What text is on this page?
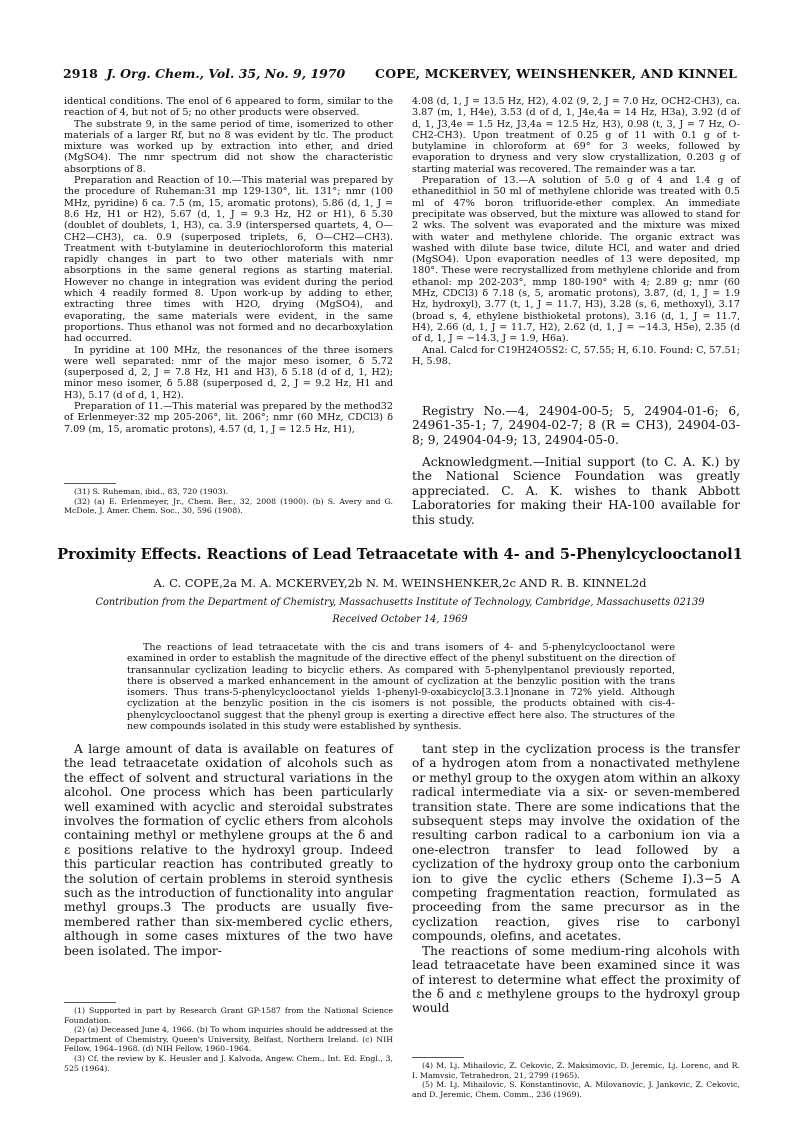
2918 J. Org. Chem., Vol. 35, No. 9, 1970 COPE, MCKERVEY, WEINSHENKER, AND KINNEL

identical conditions. The enol of 6 appeared to form, similar to the reaction of 4, but not of 5; no other products were observed.

The substrate 9, in the same period of time, isomerized to other materials of a larger Rf, but no 8 was evident by tlc. The product mixture was worked up by extraction into ether, and dried (MgSO4). The nmr spectrum did not show the characteristic absorptions of 8.

Preparation and Reaction of 10.—This material was prepared by the procedure of Ruheman:31 mp 129-130°, lit. 131°; nmr (100 MHz, pyridine) δ ca. 7.5 (m, 15, aromatic protons), 5.86 (d, 1, J = 8.6 Hz, H1 or H2), 5.67 (d, 1, J = 9.3 Hz, H2 or H1), δ 5.30 (doublet of doublets, 1, H3), ca. 3.9 (interspersed quartets, 4, O—CH2—CH3), ca. 0.9 (superposed triplets, 6, O—CH2—CH3). Treatment with t-butylamine in deuteriochloroform this material rapidly changes in part to two other materials with nmr absorptions in the same general regions as starting material. However no change in integration was evident during the period which 4 readily formed 8. Upon work-up by adding to ether, extracting three times with H2O, drying (MgSO4), and evaporating, the same materials were evident, in the same proportions. Thus ethanol was not formed and no decarboxylation had occurred.

In pyridine at 100 MHz, the resonances of the three isomers were well separated: nmr of the major meso isomer, δ 5.72 (superposed d, 2, J = 7.8 Hz, H1 and H3), δ 5.18 (d of d, 1, H2); minor meso isomer, δ 5.88 (superposed d, 2, J = 9.2 Hz, H1 and H3), 5.17 (d of d, 1, H2).

Preparation of 11.—This material was prepared by the method32 of Erlenmeyer:32 mp 205-206°, lit. 206°; nmr (60 MHz, CDCl3) δ 7.09 (m, 15, aromatic protons), 4.57 (d, 1, J = 12.5 Hz, H1),

(31) S. Ruheman, ibid., 83, 720 (1903).

(32) (a) E. Erlenmeyer, Jr., Chem. Ber., 32, 2008 (1900). (b) S. Avery and G. McDole, J. Amer. Chem. Soc., 30, 596 (1908).

4.08 (d, 1, J = 13.5 Hz, H2), 4.02 (9, 2, J = 7.0 Hz, OCH2-CH3), ca. 3.87 (m, 1, H4e), 3.53 (d of d, 1, J4e,4a = 14 Hz, H3a), 3.92 (d of d, 1, J3,4e = 1.5 Hz, J3,4a = 12.5 Hz, H3), 0.98 (t, 3, J = 7 Hz, O-CH2-CH3). Upon treatment of 0.25 g of 11 with 0.1 g of t-butylamine in chloroform at 69° for 3 weeks, followed by evaporation to dryness and very slow crystallization, 0.203 g of starting material was recovered. The remainder was a tar.

Preparation of 13.—A solution of 5.0 g of 4 and 1.4 g of ethanedithiol in 50 ml of methylene chloride was treated with 0.5 ml of 47% boron trifluoride-ether complex. An immediate precipitate was observed, but the mixture was allowed to stand for 2 wks. The solvent was evaporated and the mixture was mixed with water and methylene chloride. The organic extract was washed with dilute base twice, dilute HCl, and water and dried (MgSO4). Upon evaporation needles of 13 were deposited, mp 180°. These were recrystallized from methylene chloride and from ethanol: mp 202-203°, mmp 180-190° with 4; 2.89 g; nmr (60 MHz, CDCl3) δ 7.18 (s, 5, aromatic protons), 3.87, (d, 1, J = 1.9 Hz, hydroxyl), 3.77 (t, 1, J = 11.7, H3), 3.28 (s, 6, methoxyl), 3.17 (broad s, 4, ethylene bisthioketal protons), 3.16 (d, 1, J = 11.7, H4), 2.66 (d, 1, J = 11.7, H2), 2.62 (d, 1, J = −14.3, H5e), 2.35 (d of d, 1, J = −14.3, J = 1.9, H6a).

Anal. Calcd for C19H24O5S2: C, 57.55; H, 6.10. Found: C, 57.51; H, 5.98.

Registry No.—4, 24904-00-5; 5, 24904-01-6; 6, 24961-35-1; 7, 24904-02-7; 8 (R = CH3), 24904-03-8; 9, 24904-04-9; 13, 24904-05-0.

Acknowledgment.—Initial support (to C. A. K.) by the National Science Foundation was greatly appreciated. C. A. K. wishes to thank Abbott Laboratories for making their HA-100 available for this study.

Proximity Effects. Reactions of Lead Tetraacetate with 4- and 5-Phenylcyclooctanol1
A. C. COPE,2a M. A. MCKERVEY,2b N. M. WEINSHENKER,2c AND R. B. KINNEL2d
Contribution from the Department of Chemistry, Massachusetts Institute of Technology, Cambridge, Massachusetts 02139
Received October 14, 1969

The reactions of lead tetraacetate with the cis and trans isomers of 4- and 5-phenylcyclooctanol were examined in order to establish the magnitude of the directive effect of the phenyl substituent on the direction of transannular cyclization leading to bicyclic ethers. As compared with 5-phenylpentanol previously reported, there is observed a marked enhancement in the amount of cyclization at the benzylic position with the trans isomers. Thus trans-5-phenylcyclooctanol yields 1-phenyl-9-oxabicyclo[3.3.1]nonane in 72% yield. Although cyclization at the benzylic position in the cis isomers is not possible, the products obtained with cis-4-phenylcyclooctanol suggest that the phenyl group is exerting a directive effect here also. The structures of the new compounds isolated in this study were established by synthesis.

A large amount of data is available on features of the lead tetraacetate oxidation of alcohols such as the effect of solvent and structural variations in the alcohol. One process which has been particularly well examined with acyclic and steroidal substrates involves the formation of cyclic ethers from alcohols containing methyl or methylene groups at the δ and ε positions relative to the hydroxyl group. Indeed this particular reaction has contributed greatly to the solution of certain problems in steroid synthesis such as the introduction of functionality into angular methyl groups.3 The products are usually five-membered rather than six-membered cyclic ethers, although in some cases mixtures of the two have been isolated. The impor-

(1) Supported in part by Research Grant GP-1587 from the National Science Foundation.

(2) (a) Deceased June 4, 1966. (b) To whom inquiries should be addressed at the Department of Chemistry, Queen's University, Belfast, Northern Ireland. (c) NIH Fellow, 1964–1968. (d) NIH Fellow, 1960–1964.

(3) Cf. the review by K. Heusler and J. Kalvoda, Angew. Chem., Int. Ed. Engl., 3, 525 (1964).

tant step in the cyclization process is the transfer of a hydrogen atom from a nonactivated methylene or methyl group to the oxygen atom within an alkoxy radical intermediate via a six- or seven-membered transition state. There are some indications that the subsequent steps may involve the oxidation of the resulting carbon radical to a carbonium ion via a one-electron transfer to lead followed by a cyclization of the hydroxy group onto the carbonium ion to give the cyclic ethers (Scheme I).3−5 A competing fragmentation reaction, formulated as proceeding from the same precursor as in the cyclization reaction, gives rise to carbonyl compounds, olefins, and acetates.

The reactions of some medium-ring alcohols with lead tetraacetate have been examined since it was of interest to determine what effect the proximity of the δ and ε methylene groups to the hydroxyl group would

(4) M. Lj. Mihailovic, Z. Cekovic, Z. Maksimovic, D. Jeremic, Lj. Lorenc, and R. I. Mamvsic, Tetrahedron, 21, 2799 (1965).

(5) M. Lj. Mihailovic, S. Konstantinovic, A. Milovanovic, J. Jankovic, Z. Cekovic, and D. Jeremic, Chem. Comm., 236 (1969).
